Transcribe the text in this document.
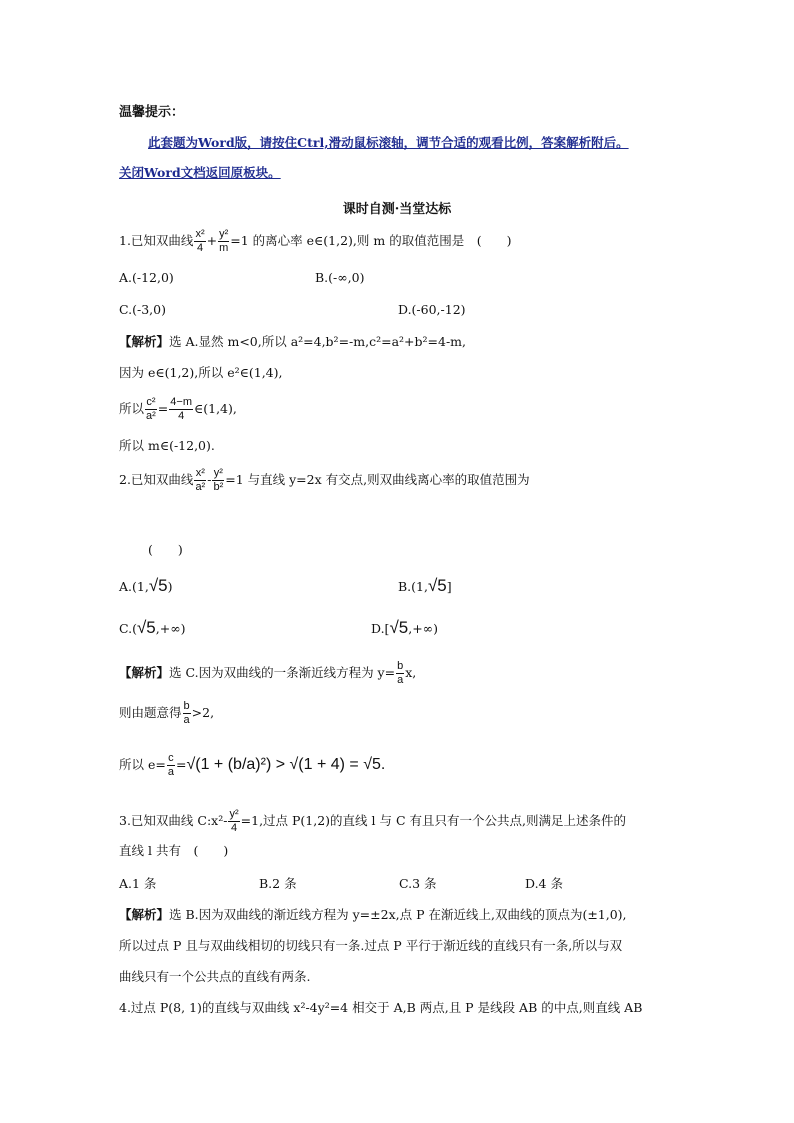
温馨提示：
此套题为Word版，请按住Ctrl,滑动鼠标滚轴，调节合适的观看比例，答案解析附后。
关闭Word文档返回原板块。
课时自测·当堂达标
1.已知双曲线 $\frac{\text{x²}}{4} + \frac{\text{y²}}{m} =1$ 的离心率 e∈(1,2),则 m 的取值范围是　(　　)
A.(-12,0)	B.(-∞,0)
C.(-3,0)	D.(-60,-12)
【解析】选 A.显然 m<0,所以 a²=4,b²=-m,c²=a²+b²=4-m,
因为 e∈(1,2),所以 e²∈(1,4),
所以 $\frac{\text{c²}}{\text{a²}} = \frac{4-m}{4}$ ∈(1,4),
所以 m∈(-12,0).
2.已知双曲线 $\frac{\text{x²}}{\text{a²}} - \frac{\text{y²}}{\text{b²}} =1$ 与直线 y=2x 有交点,则双曲线离心率的取值范围为
(　　)
A.(1,√5)	B.(1,√5]
C.(√5,+∞)	D.[√5,+∞)
【解析】选 C.因为双曲线的一条渐近线方程为 $y= \frac{b}{a} x$,
则由题意得 $\frac{b}{a} >2$,
所以 $e= \frac{c}{a} =√(1 + (b/a)^2) > √(1 + 4) = √5$.
3.已知双曲线 C:x²- $\frac{\text{y²}}{4} =1$,过点 P(1,2)的直线 l 与 C 有且只有一个公共点,则满足上述条件的
直线 l 共有　(　　)
A.1 条	B.2 条	C.3 条	D.4 条
【解析】选 B.因为双曲线的渐近线方程为 y=±2x,点 P 在渐近线上,双曲线的顶点为(±1,0),
所以过点 P 且与双曲线相切的切线只有一条.过点 P 平行于渐近线的直线只有一条,所以与双
曲线只有一个公共点的直线有两条.
4.过点 P(8, 1)的直线与双曲线 x²-4y²=4 相交于 A,B 两点,且 P 是线段 AB 的中点,则直线 AB
